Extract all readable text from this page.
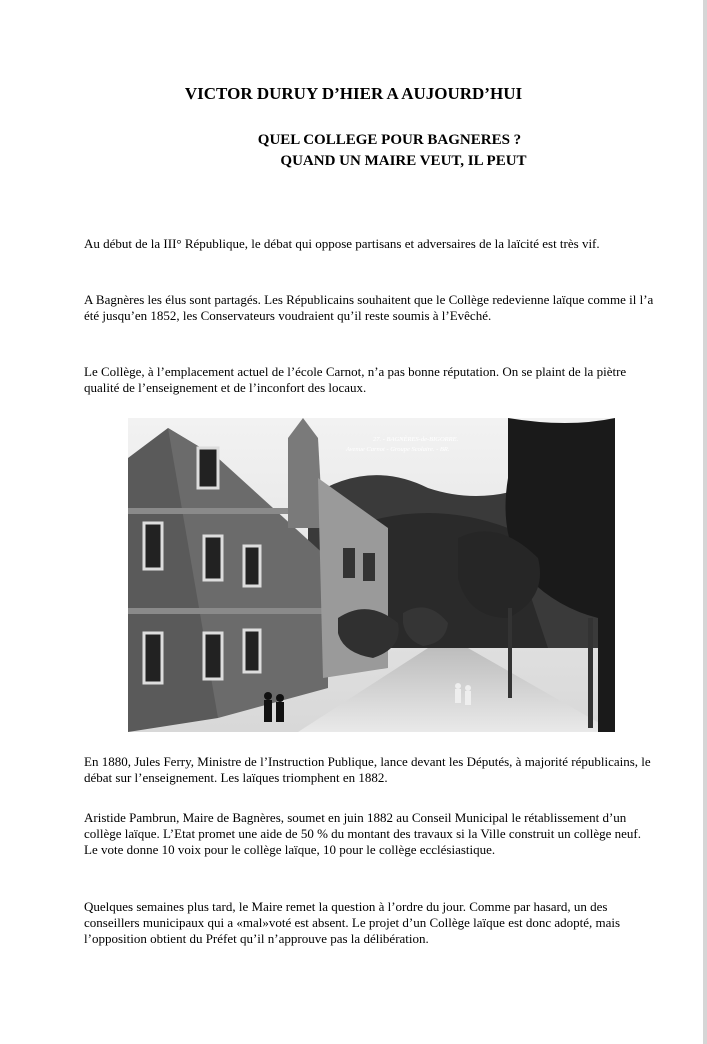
VICTOR DURUY D’HIER A AUJOURD’HUI
QUEL COLLEGE POUR BAGNERES ?
QUAND UN MAIRE VEUT, IL PEUT

Au début de la III° République, le débat qui oppose partisans et adversaires de la laïcité est très vif.

A Bagnères les élus sont partagés. Les Républicains souhaitent que le Collège redevienne laïque comme il l’a été jusqu’en 1852, les Conservateurs voudraient qu’il reste soumis à l’Evêché.

Le Collège, à l’emplacement actuel de l’école Carnot, n’a pas bonne réputation. On se plaint de la piètre qualité de l’enseignement et de l’inconfort des locaux.

27. - BAGNÈRES-de-BIGORRE.
Avenue Carnot - Groupe Scolaire. - BR.

En 1880, Jules Ferry, Ministre de l’Instruction Publique, lance devant les Députés, à majorité républicains, le débat sur l’enseignement. Les laïques triomphent en 1882.

Aristide Pambrun, Maire de Bagnères, soumet en juin 1882 au Conseil Municipal le rétablissement d’un collège laïque. L’Etat promet une aide de 50 % du montant des travaux si la Ville construit un collège neuf. Le vote donne 10 voix pour le collège laïque, 10 pour le collège ecclésiastique.

Quelques semaines plus tard, le Maire remet la question à l’ordre du jour. Comme par hasard, un des conseillers municipaux qui a «mal»voté est absent. Le projet d’un Collège laïque est donc adopté, mais l’opposition obtient du Préfet qu’il n’approuve pas la délibération.
